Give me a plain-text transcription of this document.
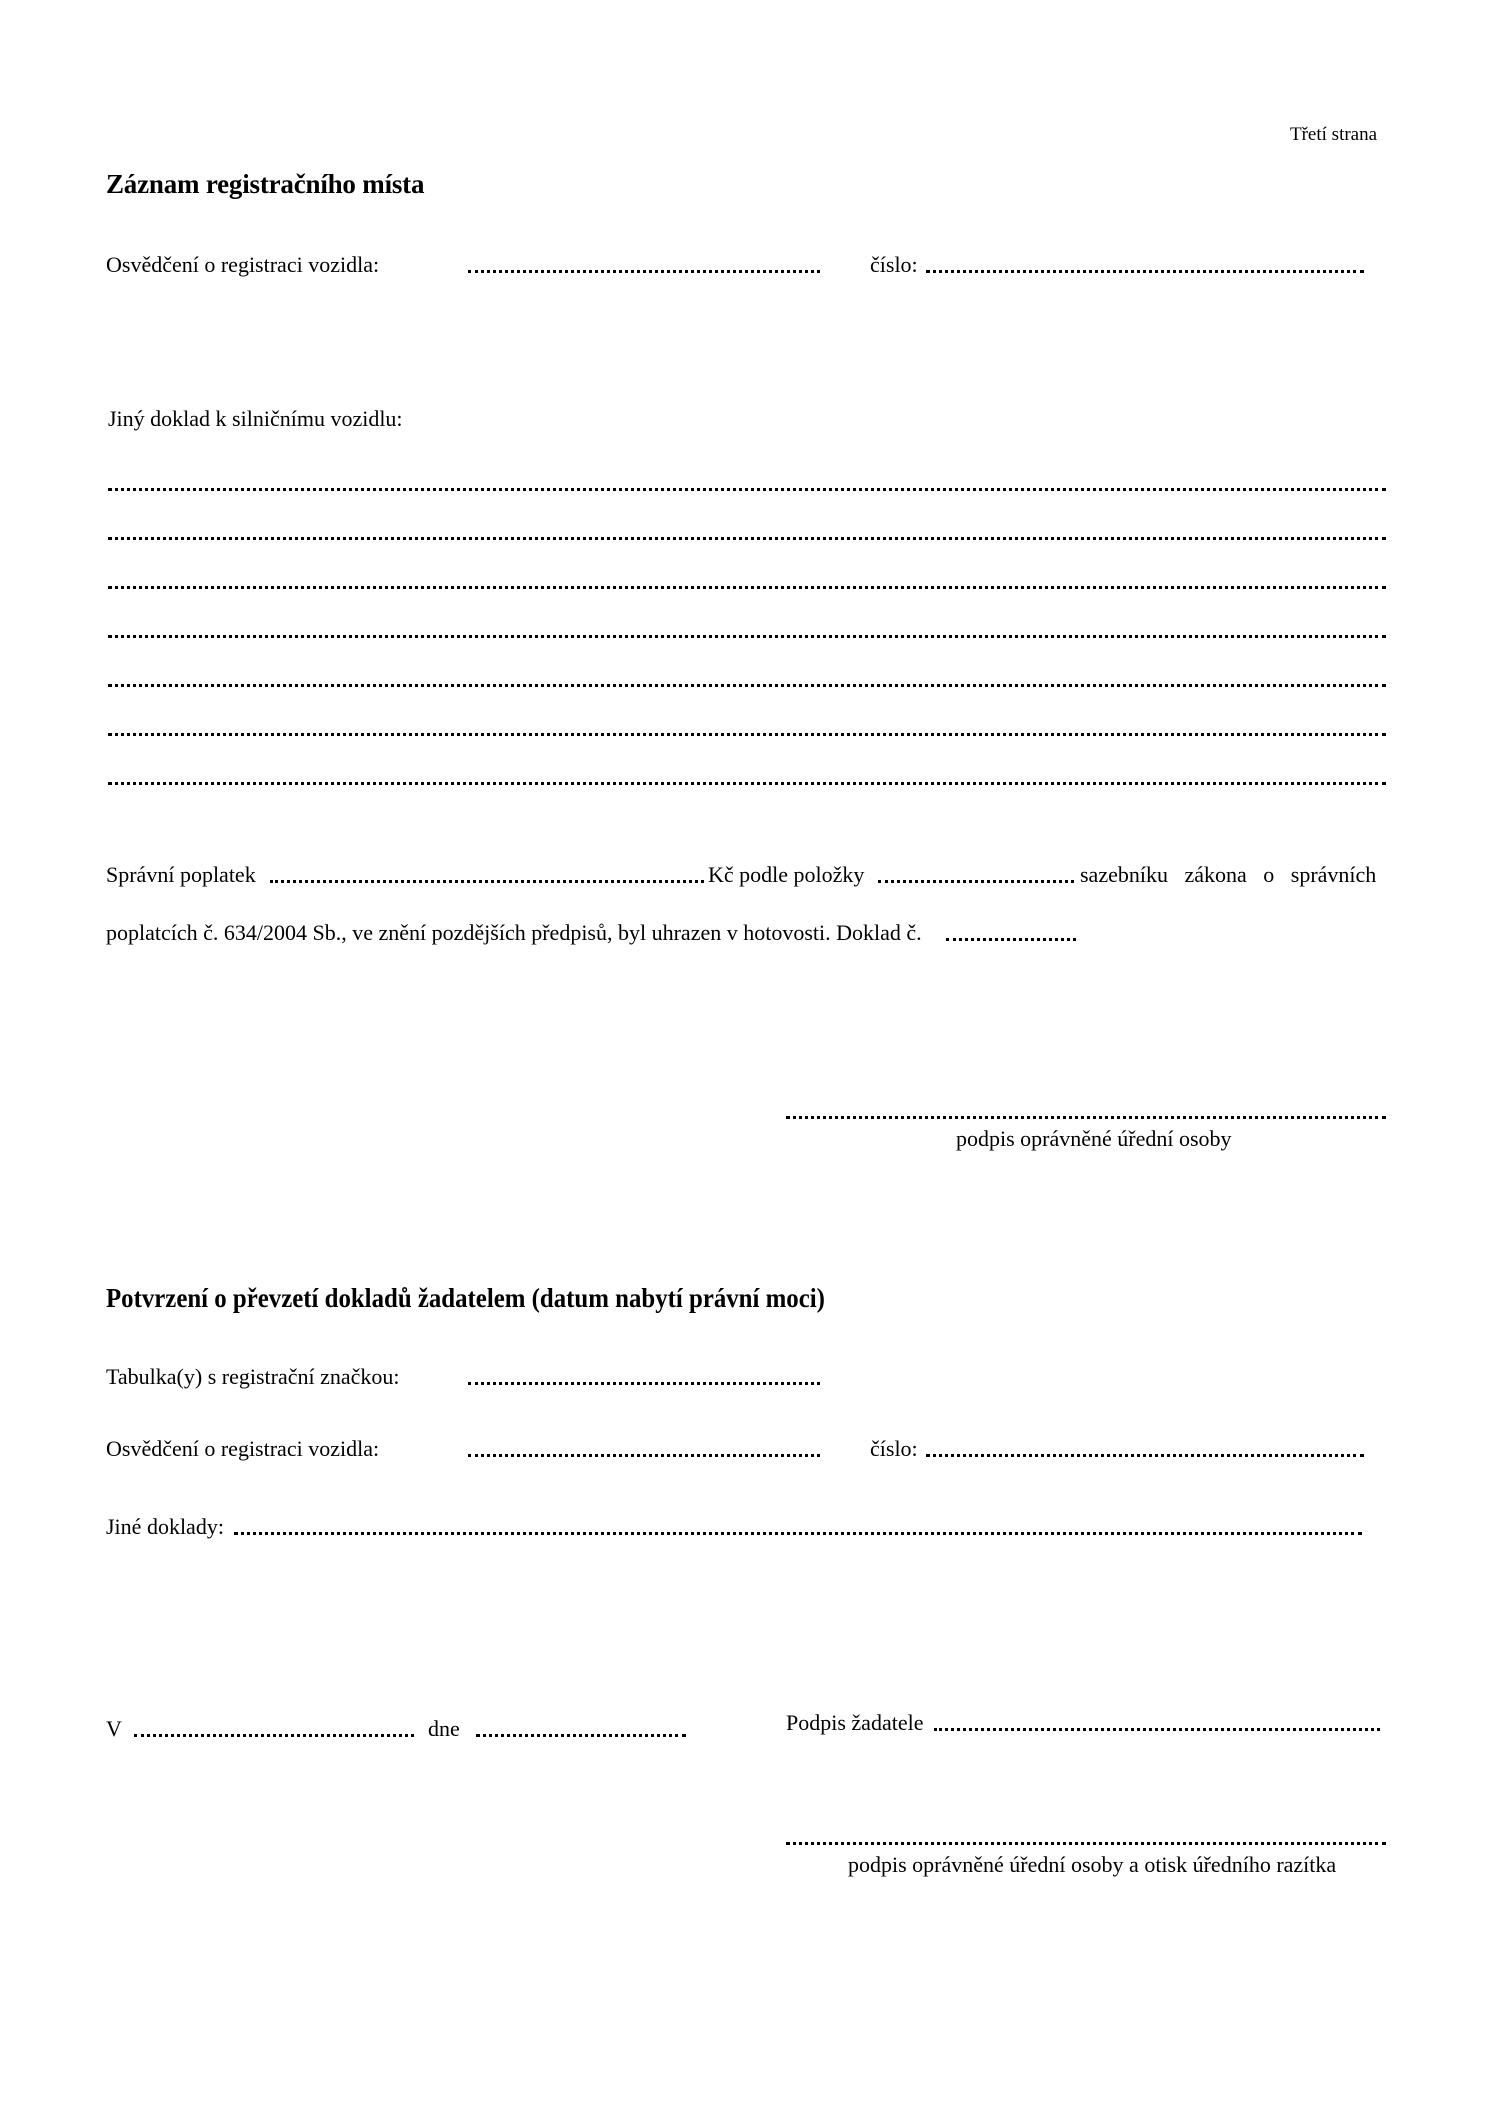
Třetí strana
Záznam registračního místa
Osvědčení o registraci vozidla:	číslo:
Jiný doklad k silničnímu vozidlu:
Správní poplatek	Kč podle položky	sazebníku   zákona   o   správních
poplatcích č. 634/2004 Sb., ve znění pozdějších předpisů, byl uhrazen v hotovosti. Doklad č.
podpis oprávněné úřední osoby
Potvrzení o převzetí dokladů žadatelem (datum nabytí právní moci)
Tabulka(y) s registrační značkou:
Osvědčení o registraci vozidla:	číslo:
Jiné doklady:
V	dne	Podpis žadatele
podpis oprávněné úřední osoby a otisk úředního razítka
